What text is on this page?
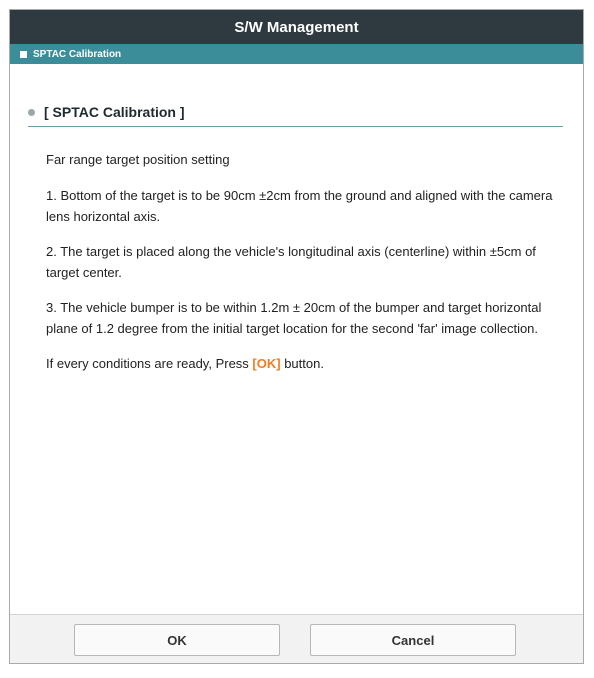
S/W Management
SPTAC Calibration
[ SPTAC Calibration ]

Far range target position setting

1. Bottom of the target is to be 90cm ±2cm from the ground and aligned with the camera lens horizontal axis.

2. The target is placed along the vehicle's longitudinal axis (centerline) within ±5cm of target center.

3. The vehicle bumper is to be within 1.2m ± 20cm of the bumper and target horizontal plane of 1.2 degree from the initial target location for the second 'far' image collection.

If every conditions are ready, Press [OK] button.

OK	Cancel
